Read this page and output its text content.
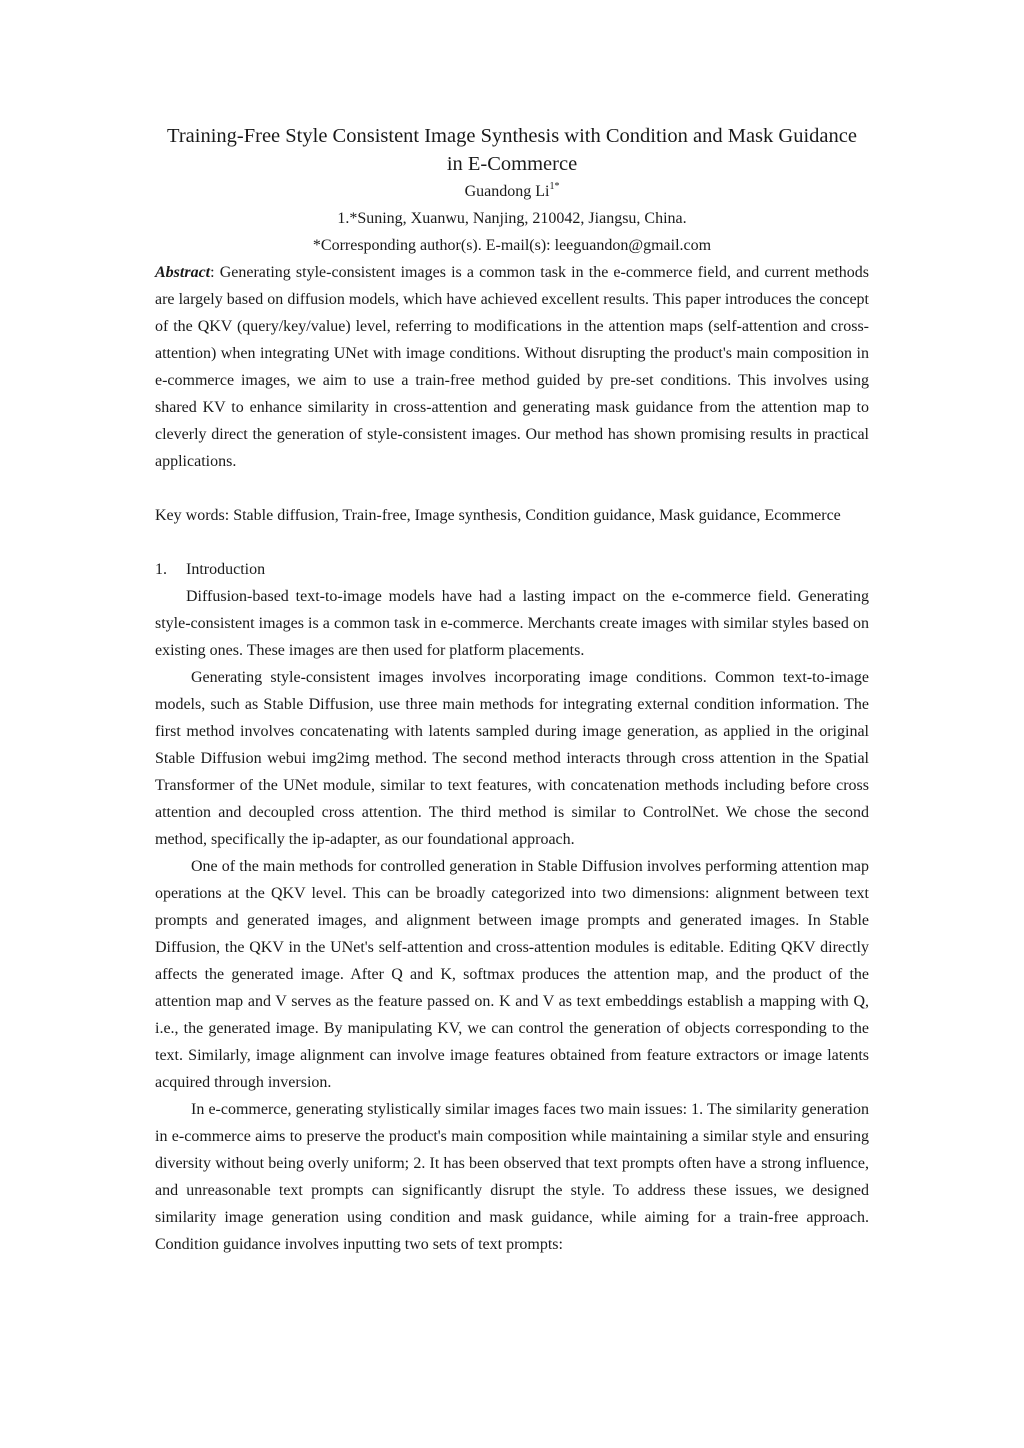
Training-Free Style Consistent Image Synthesis with Condition and Mask Guidance
in E-Commerce

Guandong $Li^{1*}$

1.*Suning, Xuanwu, Nanjing, 210042, Jiangsu, China.

*Corresponding author(s). E-mail(s): leeguandon@gmail.com

Abstract: Generating style-consistent images is a common task in the e-commerce field, and current methods are largely based on diffusion models, which have achieved excellent results. This paper introduces the concept of the QKV (query/key/value) level, referring to modifications in the attention maps (self-attention and cross-attention) when integrating UNet with image conditions. Without disrupting the product's main composition in e-commerce images, we aim to use a train-free method guided by pre-set conditions. This involves using shared KV to enhance similarity in cross-attention and generating mask guidance from the attention map to cleverly direct the generation of style-consistent images. Our method has shown promising results in practical applications.

Key words: Stable diffusion, Train-free, Image synthesis, Condition guidance, Mask guidance, Ecommerce

1. Introduction

Diffusion-based text-to-image models have had a lasting impact on the e-commerce field. Generating style-consistent images is a common task in e-commerce. Merchants create images with similar styles based on existing ones. These images are then used for platform placements.

Generating style-consistent images involves incorporating image conditions. Common text-to-image models, such as Stable Diffusion, use three main methods for integrating external condition information. The first method involves concatenating with latents sampled during image generation, as applied in the original Stable Diffusion webui img2img method. The second method interacts through cross attention in the Spatial Transformer of the UNet module, similar to text features, with concatenation methods including before cross attention and decoupled cross attention. The third method is similar to ControlNet. We chose the second method, specifically the ip-adapter, as our foundational approach.

One of the main methods for controlled generation in Stable Diffusion involves performing attention map operations at the QKV level. This can be broadly categorized into two dimensions: alignment between text prompts and generated images, and alignment between image prompts and generated images. In Stable Diffusion, the QKV in the UNet's self-attention and cross-attention modules is editable. Editing QKV directly affects the generated image. After Q and K, softmax produces the attention map, and the product of the attention map and V serves as the feature passed on. K and V as text embeddings establish a mapping with Q, i.e., the generated image. By manipulating KV, we can control the generation of objects corresponding to the text. Similarly, image alignment can involve image features obtained from feature extractors or image latents acquired through inversion.

In e-commerce, generating stylistically similar images faces two main issues: 1. The similarity generation in e-commerce aims to preserve the product's main composition while maintaining a similar style and ensuring diversity without being overly uniform; 2. It has been observed that text prompts often have a strong influence, and unreasonable text prompts can significantly disrupt the style. To address these issues, we designed similarity image generation using condition and mask guidance, while aiming for a train-free approach. Condition guidance involves inputting two sets of text prompts:
